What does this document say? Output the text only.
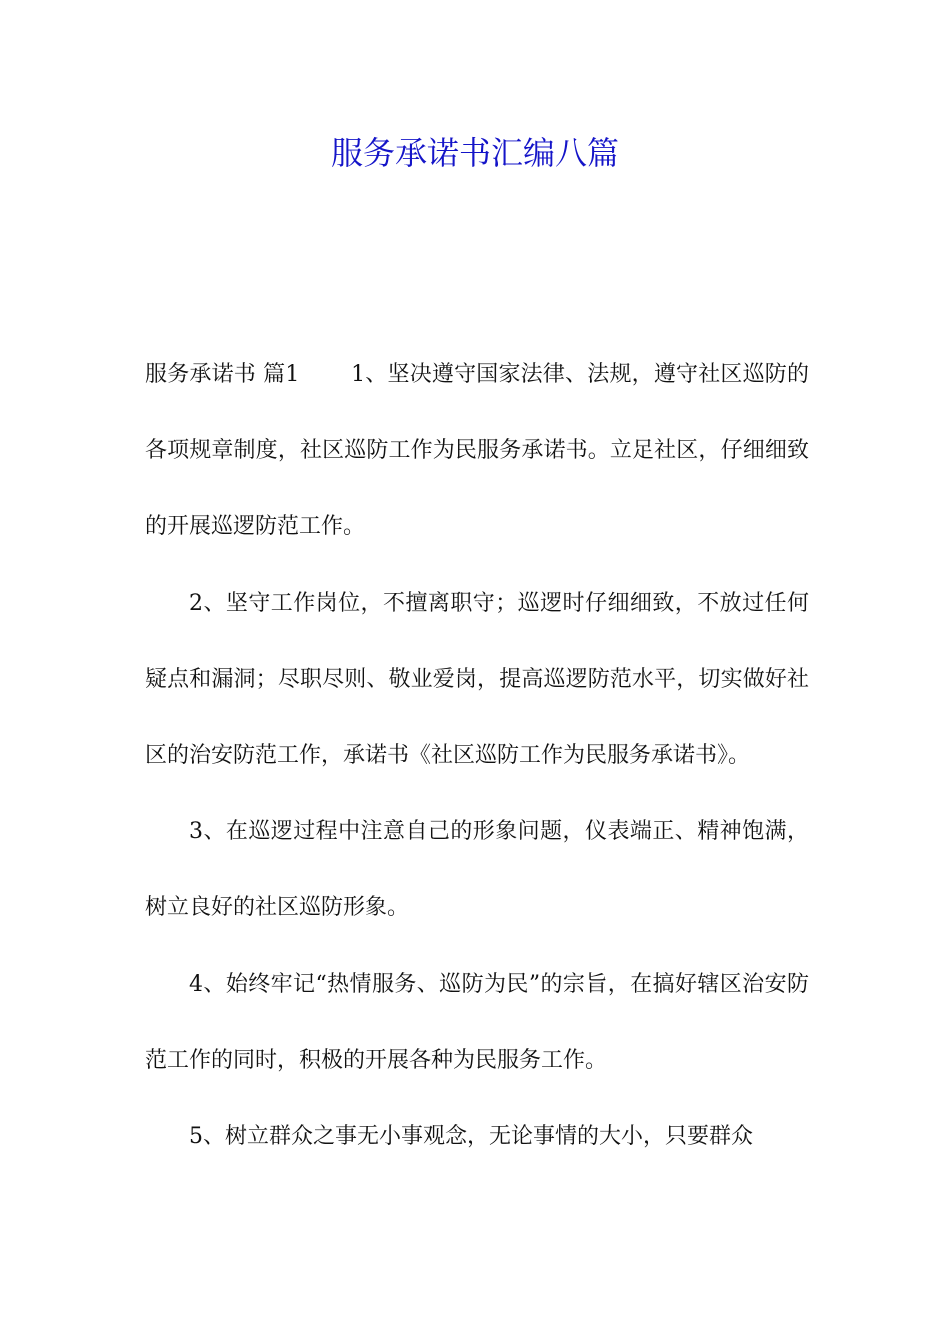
服务承诺书汇编八篇

服务承诺书 篇1　　 1、坚决遵守国家法律、法规，遵守社区巡防的各项规章制度，社区巡防工作为民服务承诺书。立足社区，仔细细致的开展巡逻防范工作。

2、坚守工作岗位，不擅离职守；巡逻时仔细细致，不放过任何疑点和漏洞；尽职尽则、敬业爱岗，提高巡逻防范水平，切实做好社区的治安防范工作，承诺书《社区巡防工作为民服务承诺书》。

3、在巡逻过程中注意自己的形象问题，仪表端正、精神饱满，树立良好的社区巡防形象。

4、始终牢记“热情服务、巡防为民”的宗旨，在搞好辖区治安防范工作的同时，积极的开展各种为民服务工作。

5、树立群众之事无小事观念，无论事情的大小，只要群众
